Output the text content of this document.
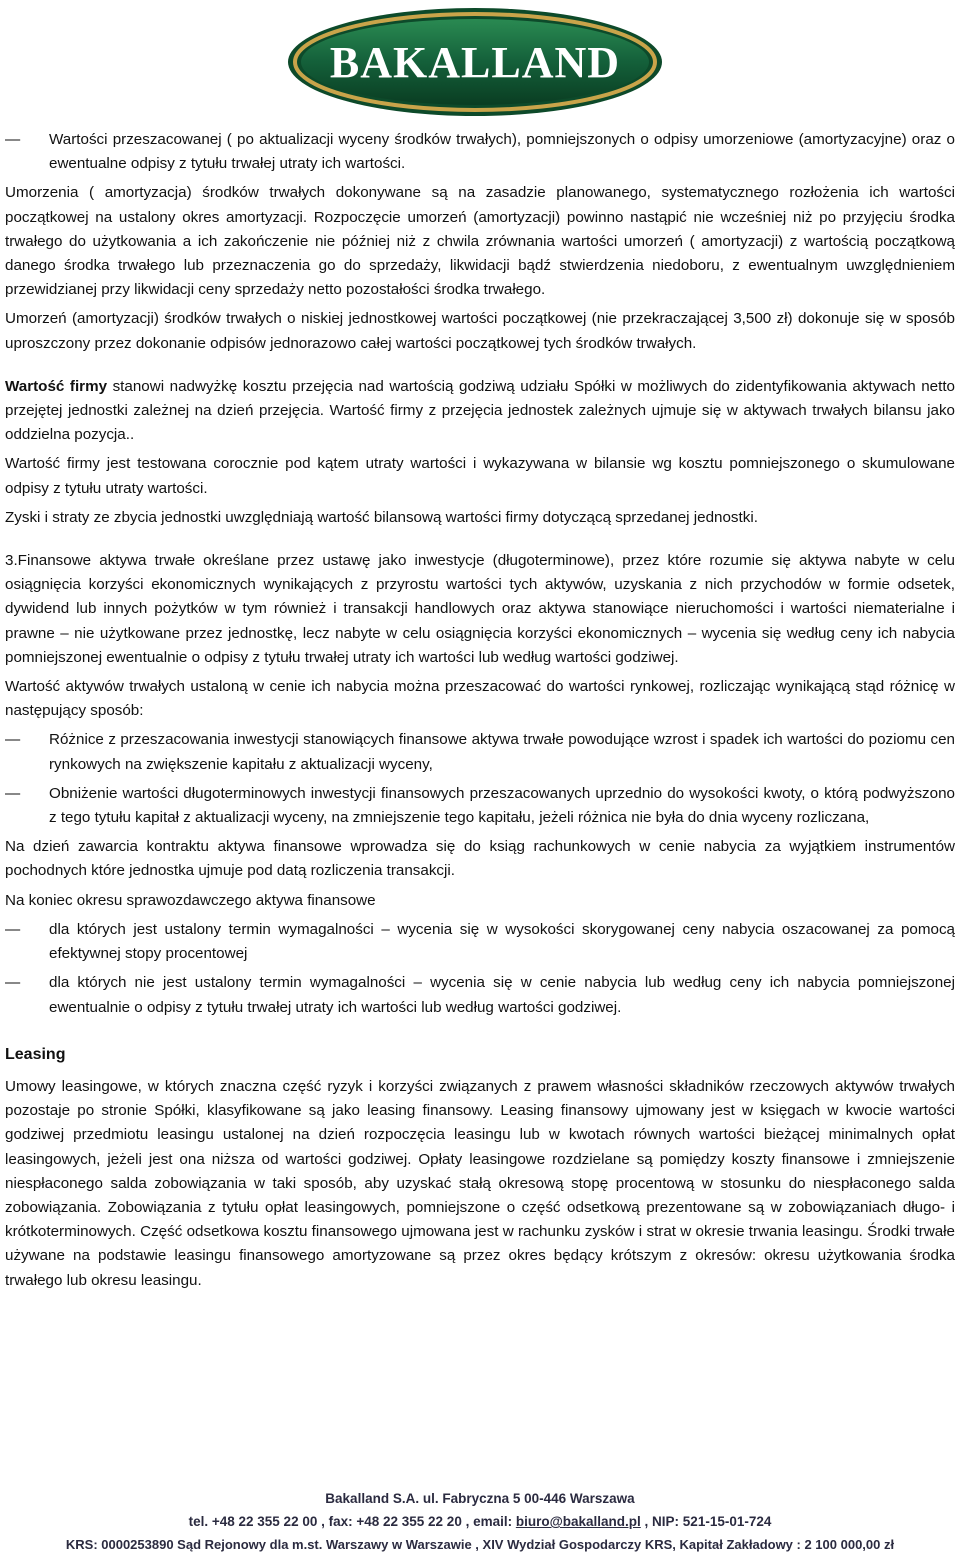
BAKALLAND
—	Wartości przeszacowanej ( po aktualizacji wyceny środków trwałych), pomniejszonych o odpisy umorzeniowe (amortyzacyjne) oraz o ewentualne odpisy z tytułu trwałej utraty ich wartości.

Umorzenia ( amortyzacja) środków trwałych dokonywane są na zasadzie planowanego, systematycznego rozłożenia ich wartości początkowej na ustalony okres amortyzacji. Rozpoczęcie umorzeń (amortyzacji) powinno nastąpić nie wcześniej niż po przyjęciu środka trwałego do użytkowania a ich zakończenie nie później niż z chwila zrównania wartości umorzeń ( amortyzacji) z wartością początkową danego środka trwałego lub przeznaczenia go do sprzedaży, likwidacji bądź stwierdzenia niedoboru, z ewentualnym uwzględnieniem przewidzianej przy likwidacji ceny sprzedaży netto pozostałości środka trwałego.

Umorzeń (amortyzacji) środków trwałych o niskiej jednostkowej wartości początkowej (nie przekraczającej 3,500 zł) dokonuje się w sposób uproszczony przez dokonanie odpisów jednorazowo całej wartości początkowej tych środków trwałych.

Wartość firmy stanowi nadwyżkę kosztu przejęcia nad wartością godziwą udziału Spółki w możliwych do zidentyfikowania aktywach netto przejętej jednostki zależnej na dzień przejęcia. Wartość firmy z przejęcia jednostek zależnych ujmuje się w aktywach trwałych bilansu jako oddzielna pozycja..

Wartość firmy jest testowana corocznie pod kątem utraty wartości i wykazywana w bilansie wg kosztu pomniejszonego o skumulowane odpisy z tytułu utraty wartości.

Zyski i straty ze zbycia jednostki uwzględniają wartość bilansową wartości firmy dotyczącą sprzedanej jednostki.

3.Finansowe aktywa trwałe określane przez ustawę jako inwestycje (długoterminowe), przez które rozumie się aktywa nabyte w celu osiągnięcia korzyści ekonomicznych wynikających z przyrostu wartości tych aktywów, uzyskania z nich przychodów w formie odsetek, dywidend lub innych pożytków w tym również i transakcji handlowych oraz aktywa stanowiące nieruchomości i wartości niematerialne i prawne – nie użytkowane przez jednostkę, lecz nabyte w celu osiągnięcia korzyści ekonomicznych – wycenia się według ceny ich nabycia pomniejszonej ewentualnie o odpisy z tytułu trwałej utraty ich wartości lub według wartości godziwej.

Wartość aktywów trwałych ustaloną w cenie ich nabycia można przeszacować do wartości rynkowej, rozliczając wynikającą stąd różnicę w następujący sposób:

—	Różnice z przeszacowania inwestycji stanowiących finansowe aktywa trwałe powodujące wzrost i spadek ich wartości do poziomu cen rynkowych na zwiększenie kapitału z aktualizacji wyceny,
—	Obniżenie wartości długoterminowych inwestycji finansowych przeszacowanych uprzednio do wysokości kwoty, o którą podwyższono z tego tytułu kapitał z aktualizacji wyceny, na zmniejszenie tego kapitału, jeżeli różnica nie była do dnia wyceny rozliczana,

Na dzień zawarcia kontraktu aktywa finansowe wprowadza się do ksiąg rachunkowych w cenie nabycia za wyjątkiem instrumentów pochodnych które jednostka ujmuje pod datą rozliczenia transakcji.

Na koniec okresu sprawozdawczego aktywa finansowe

—	dla których jest ustalony termin wymagalności – wycenia się w wysokości skorygowanej ceny nabycia oszacowanej za pomocą efektywnej stopy procentowej
—	dla których nie jest ustalony termin wymagalności – wycenia się w cenie nabycia lub według ceny ich nabycia pomniejszonej ewentualnie o odpisy z tytułu trwałej utraty ich wartości lub według wartości godziwej.
Leasing

Umowy leasingowe, w których znaczna część ryzyk i korzyści związanych z prawem własności składników rzeczowych aktywów trwałych pozostaje po stronie Spółki, klasyfikowane są jako leasing finansowy. Leasing finansowy ujmowany jest w księgach w kwocie wartości godziwej przedmiotu leasingu ustalonej na dzień rozpoczęcia leasingu lub w kwotach równych wartości bieżącej minimalnych opłat leasingowych, jeżeli jest ona niższa od wartości godziwej. Opłaty leasingowe rozdzielane są pomiędzy koszty finansowe i zmniejszenie niespłaconego salda zobowiązania w taki sposób, aby uzyskać stałą okresową stopę procentową w stosunku do niespłaconego salda zobowiązania. Zobowiązania z tytułu opłat leasingowych, pomniejszone o część odsetkową prezentowane są w zobowiązaniach długo- i krótkoterminowych. Część odsetkowa kosztu finansowego ujmowana jest w rachunku zysków i strat w okresie trwania leasingu. Środki trwałe używane na podstawie leasingu finansowego amortyzowane są przez okres będący krótszym z okresów: okresu użytkowania środka trwałego lub okresu leasingu.

Bakalland S.A. ul. Fabryczna 5 00-446 Warszawa
tel. +48 22 355 22 00 , fax: +48 22 355 22 20 , email: biuro@bakalland.pl , NIP: 521-15-01-724
KRS: 0000253890 Sąd Rejonowy dla m.st. Warszawy w Warszawie , XIV Wydział Gospodarczy KRS, Kapitał Zakładowy : 2 100 000,00 zł
